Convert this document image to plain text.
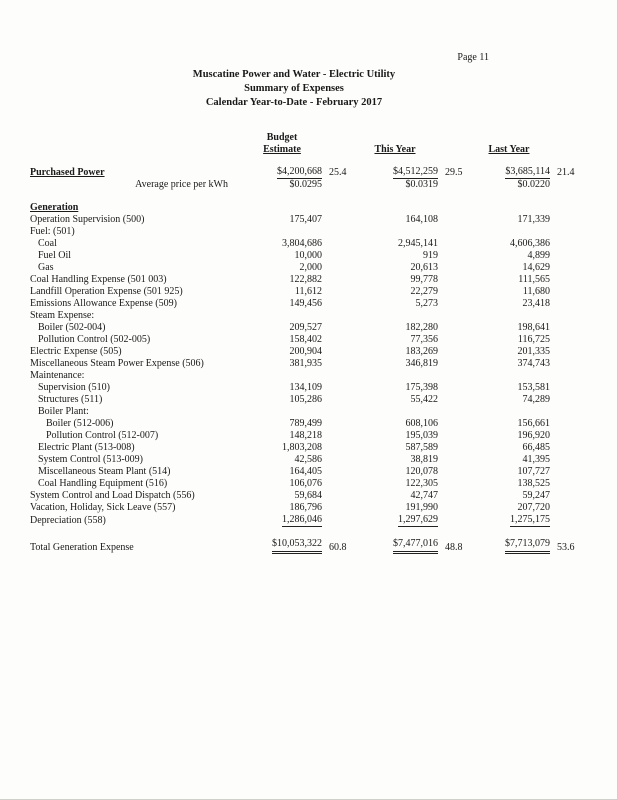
Page 11
Muscatine Power and Water - Electric Utility
Summary of Expenses
Calendar Year-to-Date - February 2017
	Budget					
	Estimate		This Year		Last Year	
Purchased Power	$4,200,668	25.4	$4,512,259	29.5	$3,685,114	21.4
Average price per kWh	$0.0295		$0.0319		$0.0220	

Generation						
Operation Supervision (500)	175,407		164,108		171,339	
Fuel: (501)						
Coal	3,804,686		2,945,141		4,606,386	
Fuel Oil	10,000		919		4,899	
Gas	2,000		20,613		14,629	
Coal Handling Expense (501 003)	122,882		99,778		111,565	
Landfill Operation Expense (501 925)	11,612		22,279		11,680	
Emissions Allowance Expense (509)	149,456		5,273		23,418	
Steam Expense:						
Boiler (502-004)	209,527		182,280		198,641	
Pollution Control (502-005)	158,402		77,356		116,725	
Electric Expense (505)	200,904		183,269		201,335	
Miscellaneous Steam Power Expense (506)	381,935		346,819		374,743	
Maintenance:						
Supervision (510)	134,109		175,398		153,581	
Structures (511)	105,286		55,422		74,289	
Boiler Plant:						
Boiler (512-006)	789,499		608,106		156,661	
Pollution Control (512-007)	148,218		195,039		196,920	
Electric Plant (513-008)	1,803,208		587,589		66,485	
System Control (513-009)	42,586		38,819		41,395	
Miscellaneous Steam Plant (514)	164,405		120,078		107,727	
Coal Handling Equipment (516)	106,076		122,305		138,525	
System Control and Load Dispatch (556)	59,684		42,747		59,247	
Vacation, Holiday, Sick Leave (557)	186,796		191,990		207,720	
Depreciation (558)	1,286,046		1,297,629		1,275,175	

Total Generation Expense	$10,053,322	60.8	$7,477,016	48.8	$7,713,079	53.6
